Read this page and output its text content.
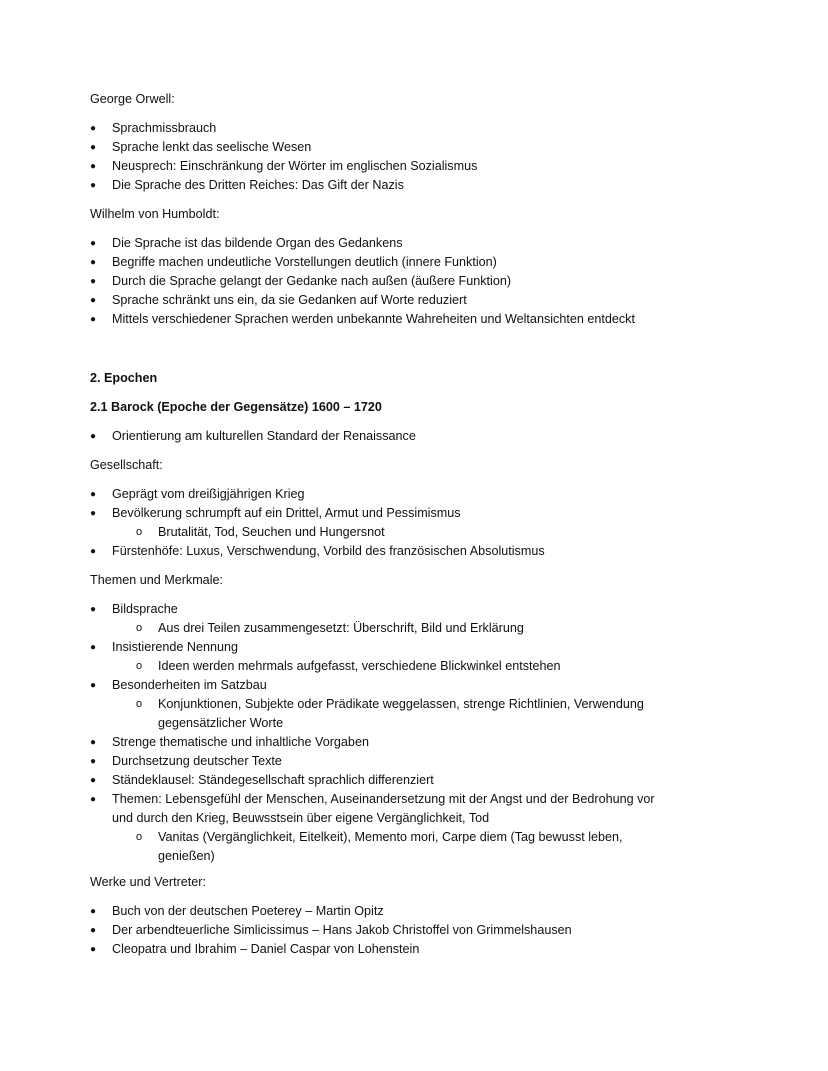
George Orwell:
●	Sprachmissbrauch
●	Sprache lenkt das seelische Wesen
●	Neusprech: Einschränkung der Wörter im englischen Sozialismus
●	Die Sprache des Dritten Reiches: Das Gift der Nazis
Wilhelm von Humboldt:
●	Die Sprache ist das bildende Organ des Gedankens
●	Begriffe machen undeutliche Vorstellungen deutlich (innere Funktion)
●	Durch die Sprache gelangt der Gedanke nach außen (äußere Funktion)
●	Sprache schränkt uns ein, da sie Gedanken auf Worte reduziert
●	Mittels verschiedener Sprachen werden unbekannte Wahreheiten und Weltansichten entdeckt
2. Epochen
2.1 Barock (Epoche der Gegensätze) 1600 – 1720
●	Orientierung am kulturellen Standard der Renaissance
Gesellschaft:
●	Geprägt vom dreißigjährigen Krieg
●	Bevölkerung schrumpft auf ein Drittel, Armut und Pessimismus
o	Brutalität, Tod, Seuchen und Hungersnot
●	Fürstenhöfe: Luxus, Verschwendung, Vorbild des französischen Absolutismus
Themen und Merkmale:
●	Bildsprache
o	Aus drei Teilen zusammengesetzt: Überschrift, Bild und Erklärung
●	Insistierende Nennung
o	Ideen werden mehrmals aufgefasst, verschiedene Blickwinkel entstehen
●	Besonderheiten im Satzbau
o	Konjunktionen, Subjekte oder Prädikate weggelassen, strenge Richtlinien, Verwendung
gegensätzlicher Worte
●	Strenge thematische und inhaltliche Vorgaben
●	Durchsetzung deutscher Texte
●	Ständeklausel: Ständegesellschaft sprachlich differenziert
●	Themen: Lebensgefühl der Menschen, Auseinandersetzung mit der Angst und der Bedrohung vor
und durch den Krieg, Beuwsstsein über eigene Vergänglichkeit, Tod
o	Vanitas (Vergänglichkeit, Eitelkeit), Memento mori, Carpe diem (Tag bewusst leben,
genießen)
Werke und Vertreter:
●	Buch von der deutschen Poeterey – Martin Opitz
●	Der arbendteuerliche Simlicissimus – Hans Jakob Christoffel von Grimmelshausen
●	Cleopatra und Ibrahim – Daniel Caspar von Lohenstein
